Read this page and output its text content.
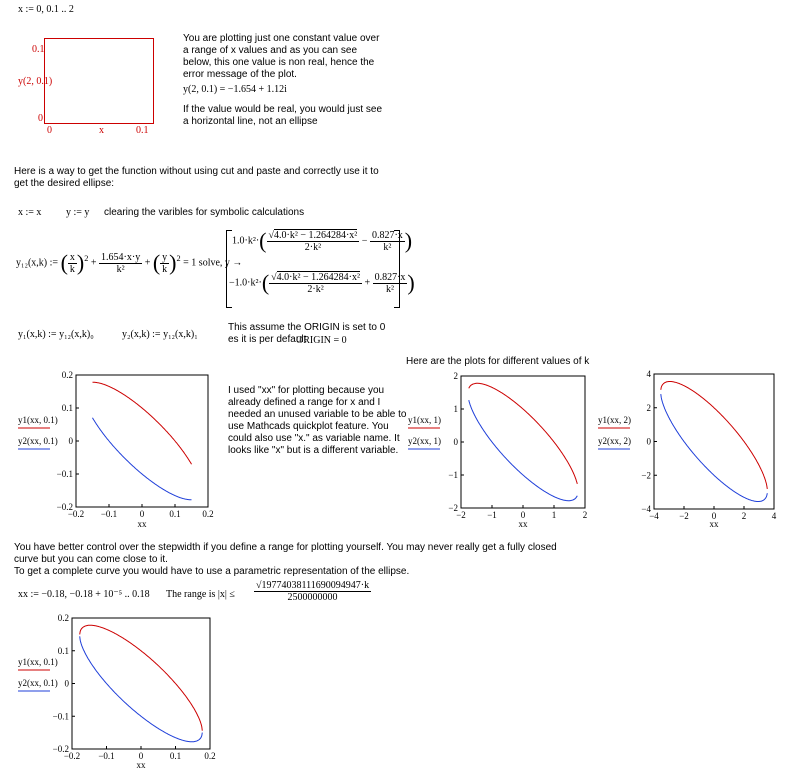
x := 0, 0.1 .. 2
0.1
y(2, 0.1)
0
0	x	0.1
You are plotting just one constant value over a range of x values and as you can see below, this one value is non real, hence the error message of the plot.
y(2, 0.1) = −1.654 + 1.12i
If the value would be real, you would just see a horizontal line, not an ellipse
Here is a way to get the function without using cut and paste and correctly use it to get the desired ellipse:
x := x y := y clearing the varibles for symbolic calculations
y₁₂(x,k) := ( $\frac{x}{k} )^2 + \frac{1.654\cdot x\cdot y}{\text{k²}}$ + ( $\frac{y}{k} )^2 = 1$ solve, y →
$1.0\cdot k^2\cdot( \frac{\text{√4.0·k² − 1.264284·x²}}{\text{2·k²}} - \frac{0.827\cdot x}{\text{k²}}$ )
$-1.0\cdot k^2\cdot( \frac{\text{√4.0·k² − 1.264284·x²}}{\text{2·k²}} + \frac{0.827\cdot x}{\text{k²}}$ )
y₁(x,k) := y₁₂(x,k)₀	y₂(x,k) := y₁₂(x,k)₁
This assume the ORIGIN is set to 0 es it is per default
ORIGIN = 0
Here are the plots for different values of k
I used "xx" for plotting because you already defined a range for x and I needed an unused variable to be able to use Mathcads quickplot feature. You could also use "x." as variable name. It looks like "x" but is a different variable.
You have better control over the stepwidth if you define a range for plotting yourself. You may never really get a fully closed curve but you can come close to it.
To get a complete curve you would have to use a parametric representation of the ellipse.
xx := −0.18, −0.18 + 10⁻⁵ .. 0.18 The range is $|x| \le \frac{√19774038111690094947\cdot k}{2500000000}$
−0.2 −0.1	0	0.1 0.2
0.2
0.1
0
−0.1
−0.2
xx
y1(xx, 0.1)
y2(xx, 0.1)
−2 −1	0	1	2
2
1
0
−1
−2
xx
y1(xx, 1)
y2(xx, 1)
−4 −2	0	2	4
4
2
0
−2
−4
xx
y1(xx, 2)
y2(xx, 2)
−0.2 −0.1	0	0.1	0.2
0.2
0.1
0
−0.1
−0.2
xx
y1(xx, 0.1)
y2(xx, 0.1)
